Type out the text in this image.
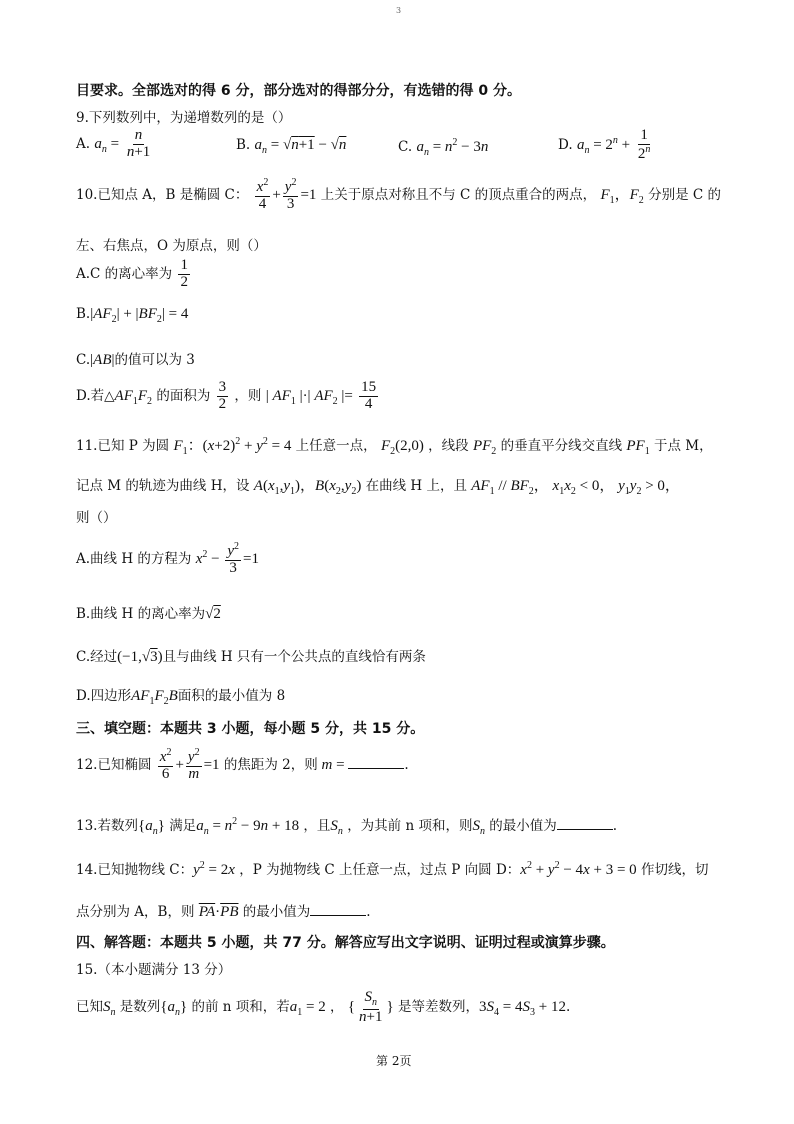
3
目要求。全部选对的得 6 分，部分选对的得部分分，有选错的得 0 分。
9.下列数列中，为递增数列的是（）
A. $a_n = \frac{n}{n+1}$	B. $a_n = √n+1 - √n$	C. $a_n = n^2 - 3n$	D. $a_n = 2^n + \frac{1}{2^n}$
10.已知点 A，B 是椭圆 C： $\frac{x^2}{4} + \frac{y^2}{3} =1$ 上关于原点对称且不与 C 的顶点重合的两点， $F_1$，$F_2$ 分别是 C 的
左、右焦点，O 为原点，则（）
A.C 的离心率为 $\frac{1}{2}$
$B.|AF_2| + |BF_2| = 4$
C.|AB|的值可以为 3
D.若$\triangle AF_1F_2$ 的面积为 $\frac{3}{2}$ ，则 | $AF_1$ |·| $AF_2$ |= $\frac{15}{4}$
11.已知 P 为圆 $F_1$：$(x+2)^2 + y^2 = 4$ 上任意一点， $F_2(2,0)$ ，线段 $PF_2$ 的垂直平分线交直线 $PF_1$ 于点 M，
记点 M 的轨迹为曲线 H，设 $A(x_1,y_1)$，$B(x_2,y_2)$ 在曲线 H 上，且 $AF_1 // BF_2$， $x_1x_2 < 0$， $y_1y_2 > 0$，
则（）
A.曲线 H 的方程为 $x^2 - \frac{y^2}{3} =1$
B.曲线 H 的离心率为√2
C.经过(−1,√3)且与曲线 H 只有一个公共点的直线恰有两条
D.四边形$AF_1F_2B$面积的最小值为 8
三、填空题：本题共 3 小题，每小题 5 分，共 15 分。
12.已知椭圆 $\frac{x^2}{6} + \frac{y^2}{m} =1$ 的焦距为 2，则 m =	.
13.若数列$\{a_n\}$ 满足$a_n = n^2 - 9n + 18$ ，且$S_n$ ，为其前 n 项和，则$S_n$ 的最小值为	.
14.已知抛物线 C：$y^2 = 2x$ ，P 为抛物线 C 上任意一点，过点 P 向圆 D：$x^2 + y^2 - 4x + 3 = 0$ 作切线，切
点分别为 A，B，则 $\overline{PA}\cdot\overline{PB}$ 的最小值为	.
四、解答题：本题共 5 小题，共 77 分。解答应写出文字说明、证明过程或演算步骤。
15.（本小题满分 13 分）
已知$S_n$ 是数列$\{a_n\}$ 的前 n 项和，若$a_1 = 2$ ， { $\frac{S_n}{n+1}$ } 是等差数列，$3S_4 = 4S_3 + 12$.
第 2页
